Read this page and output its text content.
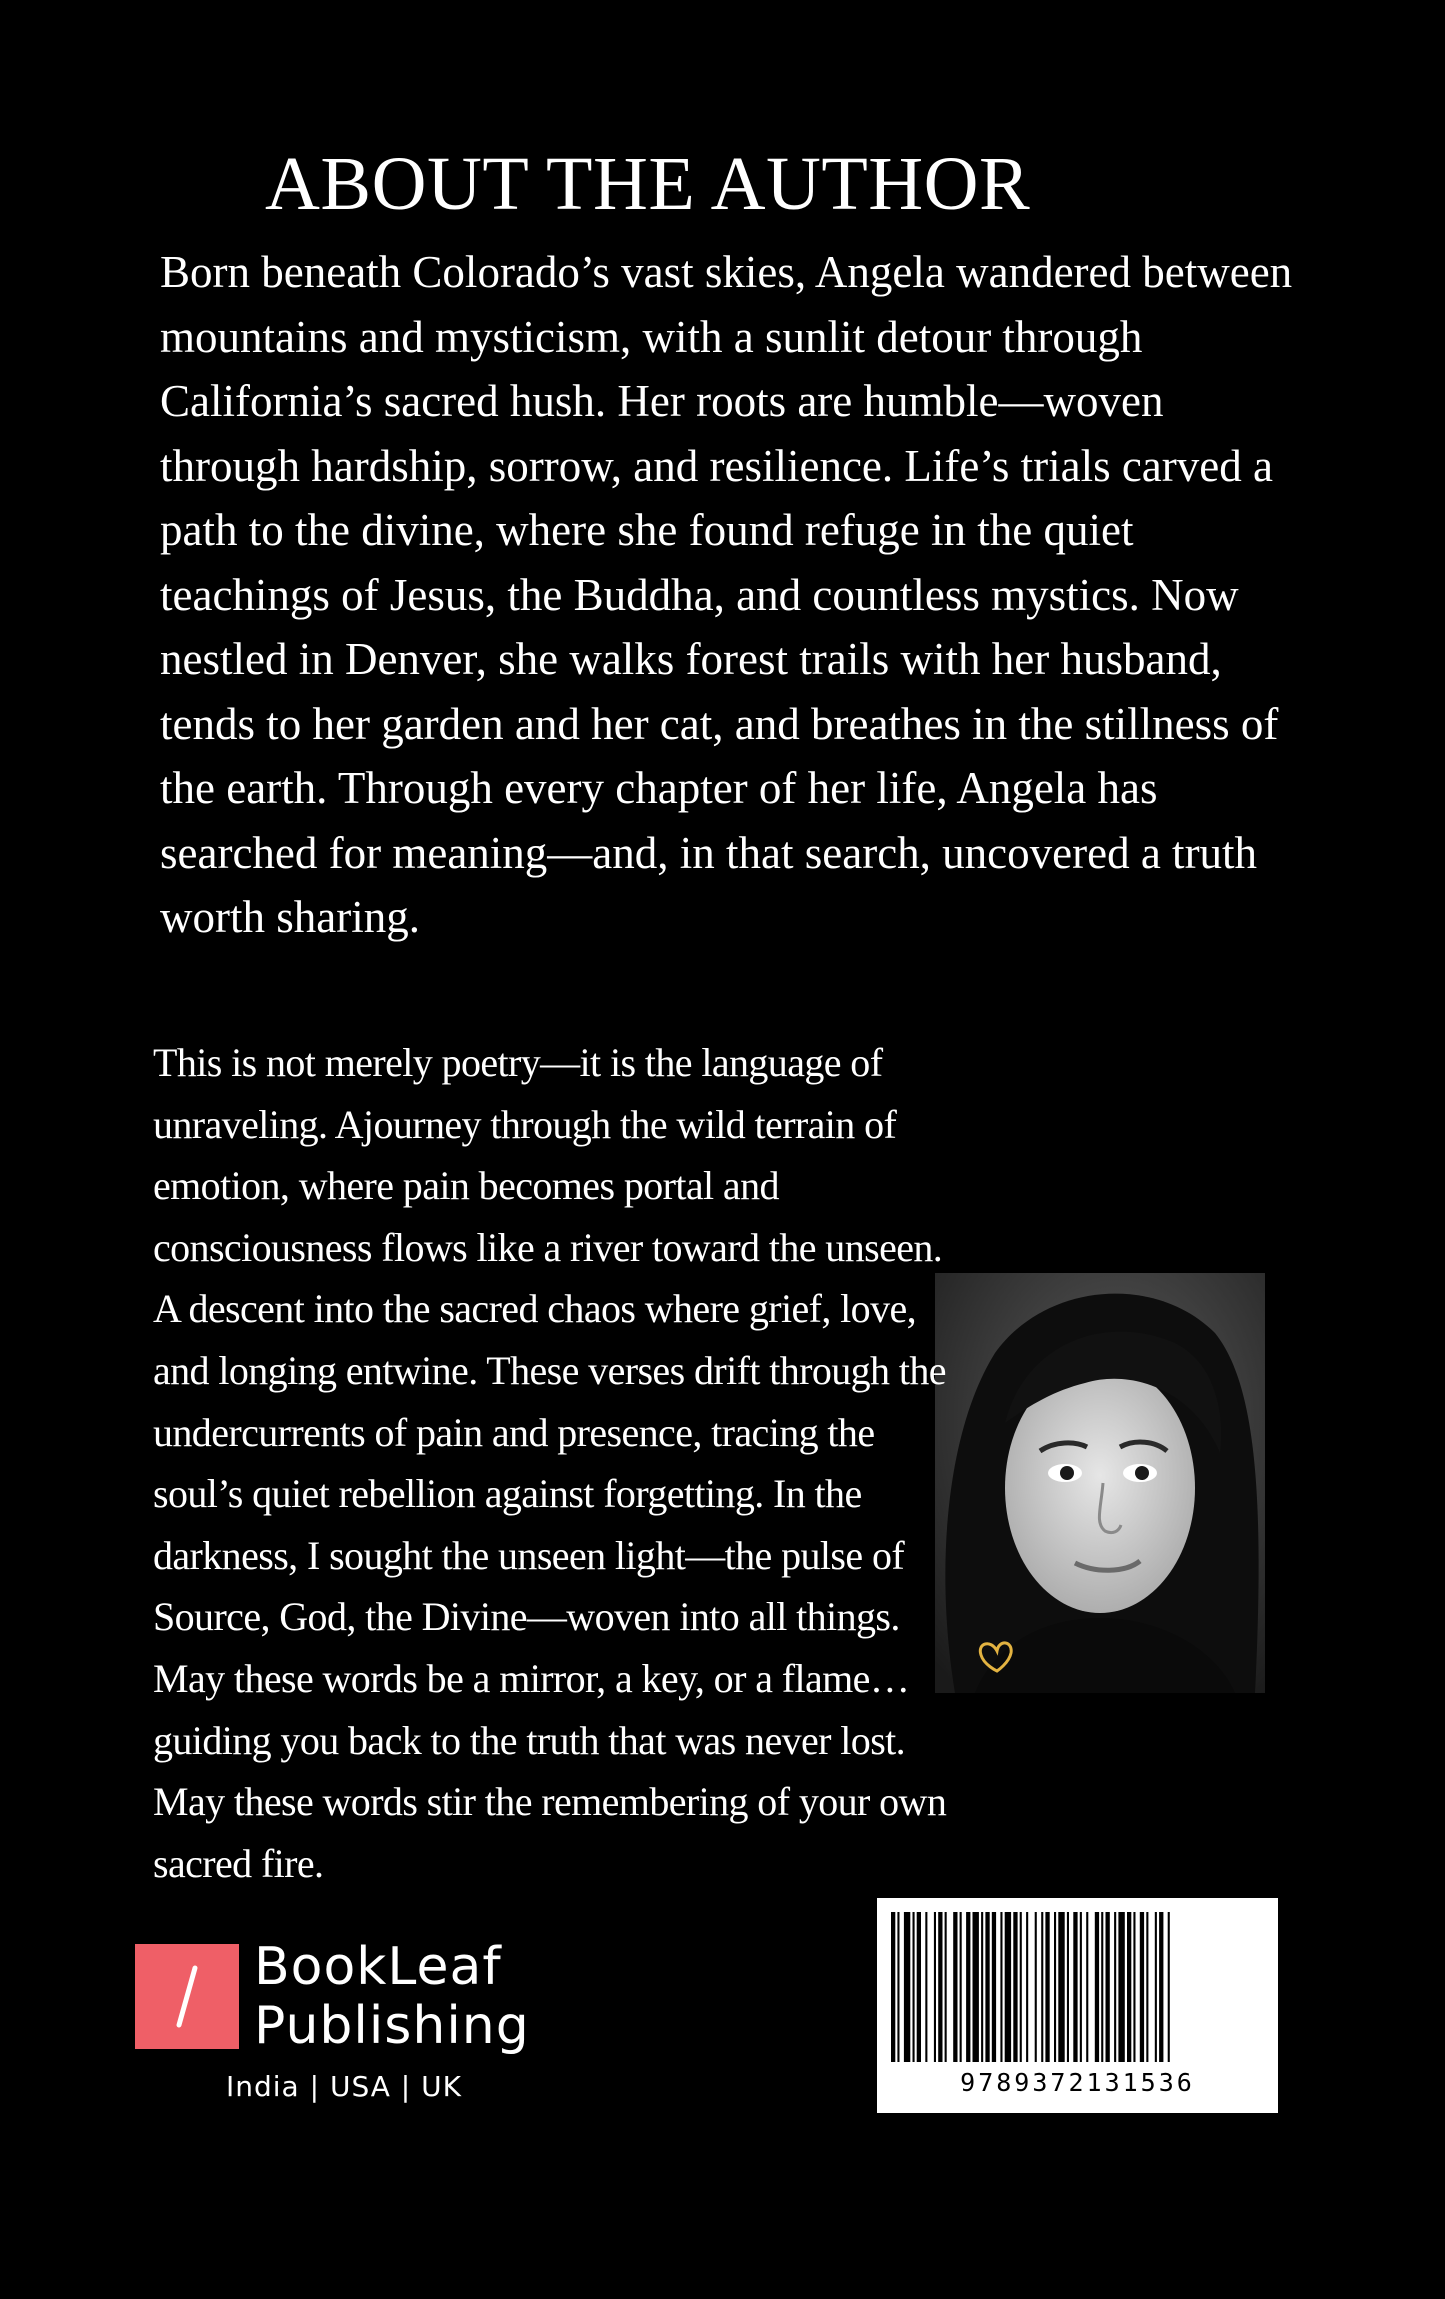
ABOUT THE AUTHOR

Born beneath Colorado’s vast skies, Angela wandered between mountains and mysticism, with a sunlit detour through California’s sacred hush. Her roots are humble—woven through hardship, sorrow, and resilience. Life’s trials carved a path to the divine, where she found refuge in the quiet teachings of Jesus, the Buddha, and countless mystics. Now nestled in Denver, she walks forest trails with her husband, tends to her garden and her cat, and breathes in the stillness of the earth. Through every chapter of her life, Angela has searched for meaning—and, in that search, uncovered a truth worth sharing.

This is not merely poetry—it is the language of unraveling. Ajourney through the wild terrain of emotion, where pain becomes portal and consciousness flows like a river toward the unseen. A descent into the sacred chaos where grief, love, and longing entwine. These verses drift through the undercurrents of pain and presence, tracing the soul’s quiet rebellion against forgetting. In the darkness, I sought the unseen light—the pulse of Source, God, the Divine—woven into all things. May these words be a mirror, a key, or a flame… guiding you back to the truth that was never lost. May these words stir the remembering of your own sacred fire.

BookLeaf
Publishing
India | USA | UK	9789372131536
